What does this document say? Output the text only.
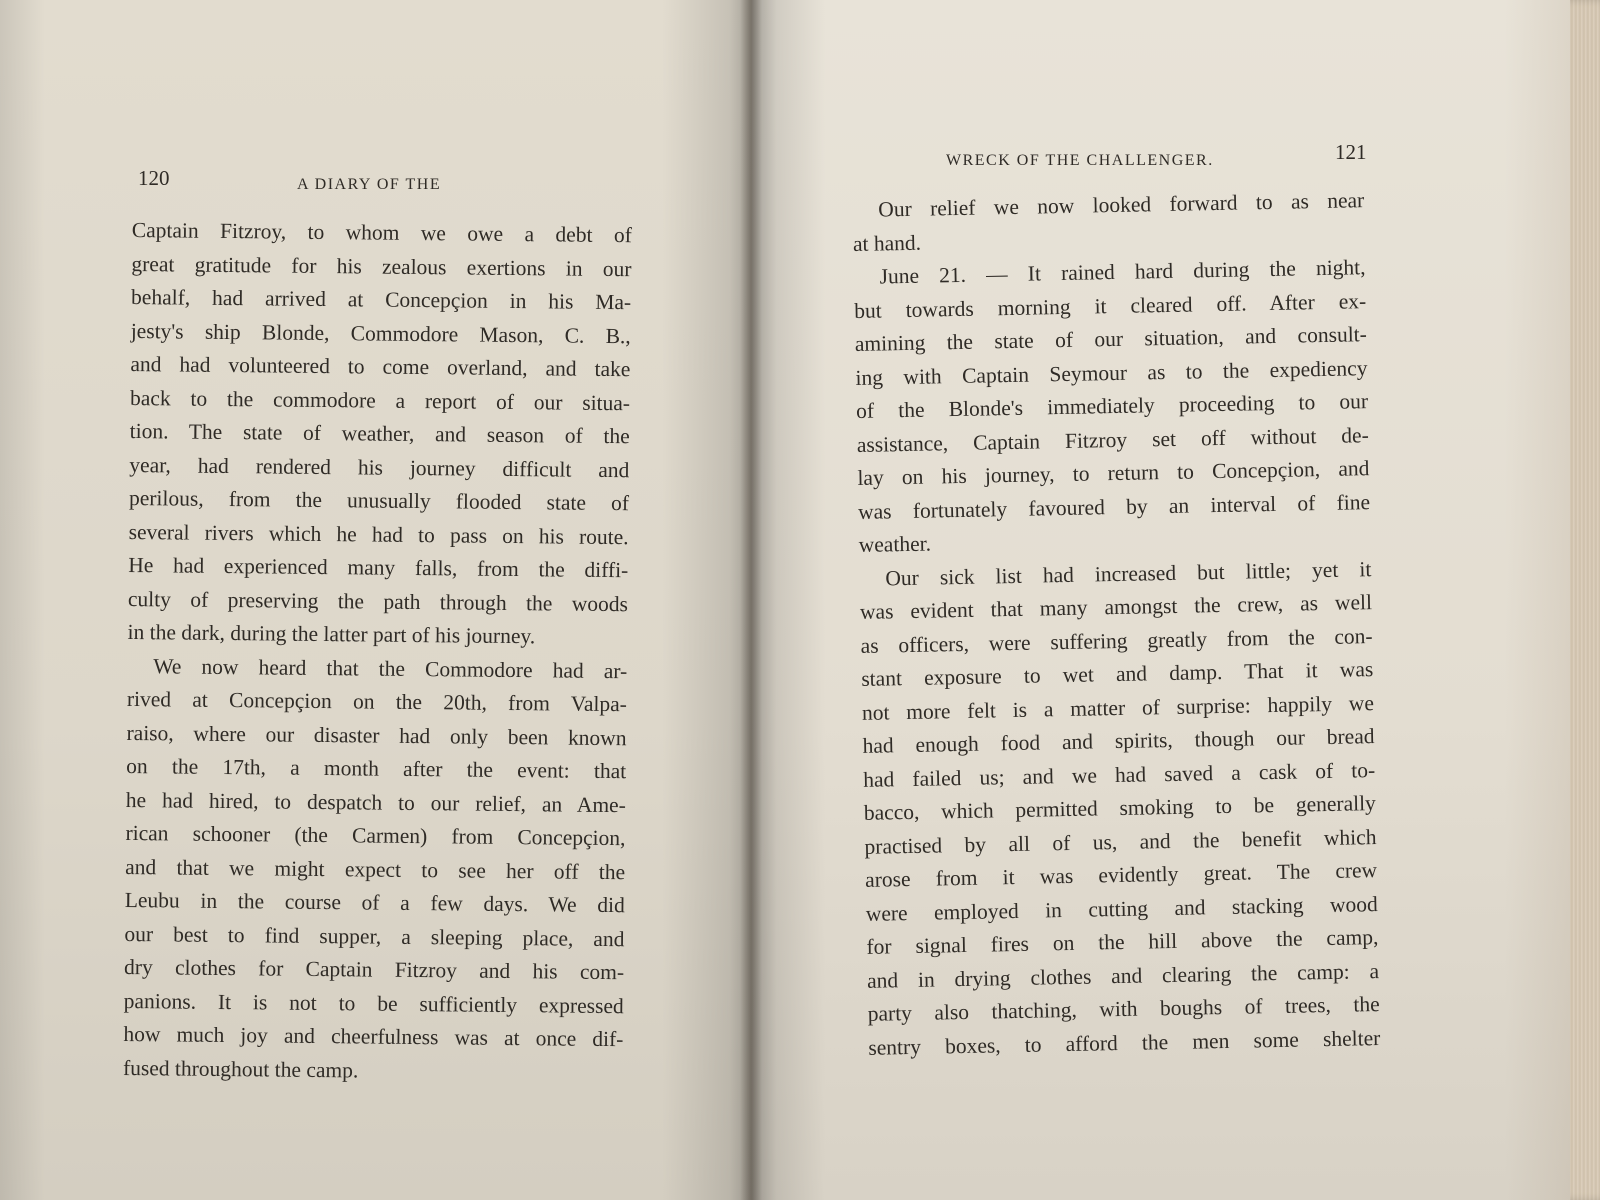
120	A DIARY OF THE
Captain Fitzroy, to whom we owe a debt of
great gratitude for his zealous exertions in our
behalf, had arrived at Concepçion in his Ma-
jesty's ship Blonde, Commodore Mason, C. B.,
and had volunteered to come overland, and take
back to the commodore a report of our situa-
tion. The state of weather, and season of the
year, had rendered his journey difficult and
perilous, from the unusually flooded state of
several rivers which he had to pass on his route.
He had experienced many falls, from the diffi-
culty of preserving the path through the woods
in the dark, during the latter part of his journey.
We now heard that the Commodore had ar-
rived at Concepçion on the 20th, from Valpa-
raiso, where our disaster had only been known
on the 17th, a month after the event: that
he had hired, to despatch to our relief, an Ame-
rican schooner (the Carmen) from Concepçion,
and that we might expect to see her off the
Leubu in the course of a few days. We did
our best to find supper, a sleeping place, and
dry clothes for Captain Fitzroy and his com-
panions. It is not to be sufficiently expressed
how much joy and cheerfulness was at once dif-
fused throughout the camp.
WRECK OF THE CHALLENGER.	121
Our relief we now looked forward to as near
at hand.
June 21. — It rained hard during the night,
but towards morning it cleared off. After ex-
amining the state of our situation, and consult-
ing with Captain Seymour as to the expediency
of the Blonde's immediately proceeding to our
assistance, Captain Fitzroy set off without de-
lay on his journey, to return to Concepçion, and
was fortunately favoured by an interval of fine
weather.
Our sick list had increased but little; yet it
was evident that many amongst the crew, as well
as officers, were suffering greatly from the con-
stant exposure to wet and damp. That it was
not more felt is a matter of surprise: happily we
had enough food and spirits, though our bread
had failed us; and we had saved a cask of to-
bacco, which permitted smoking to be generally
practised by all of us, and the benefit which
arose from it was evidently great. The crew
were employed in cutting and stacking wood
for signal fires on the hill above the camp,
and in drying clothes and clearing the camp: a
party also thatching, with boughs of trees, the
sentry boxes, to afford the men some shelter
